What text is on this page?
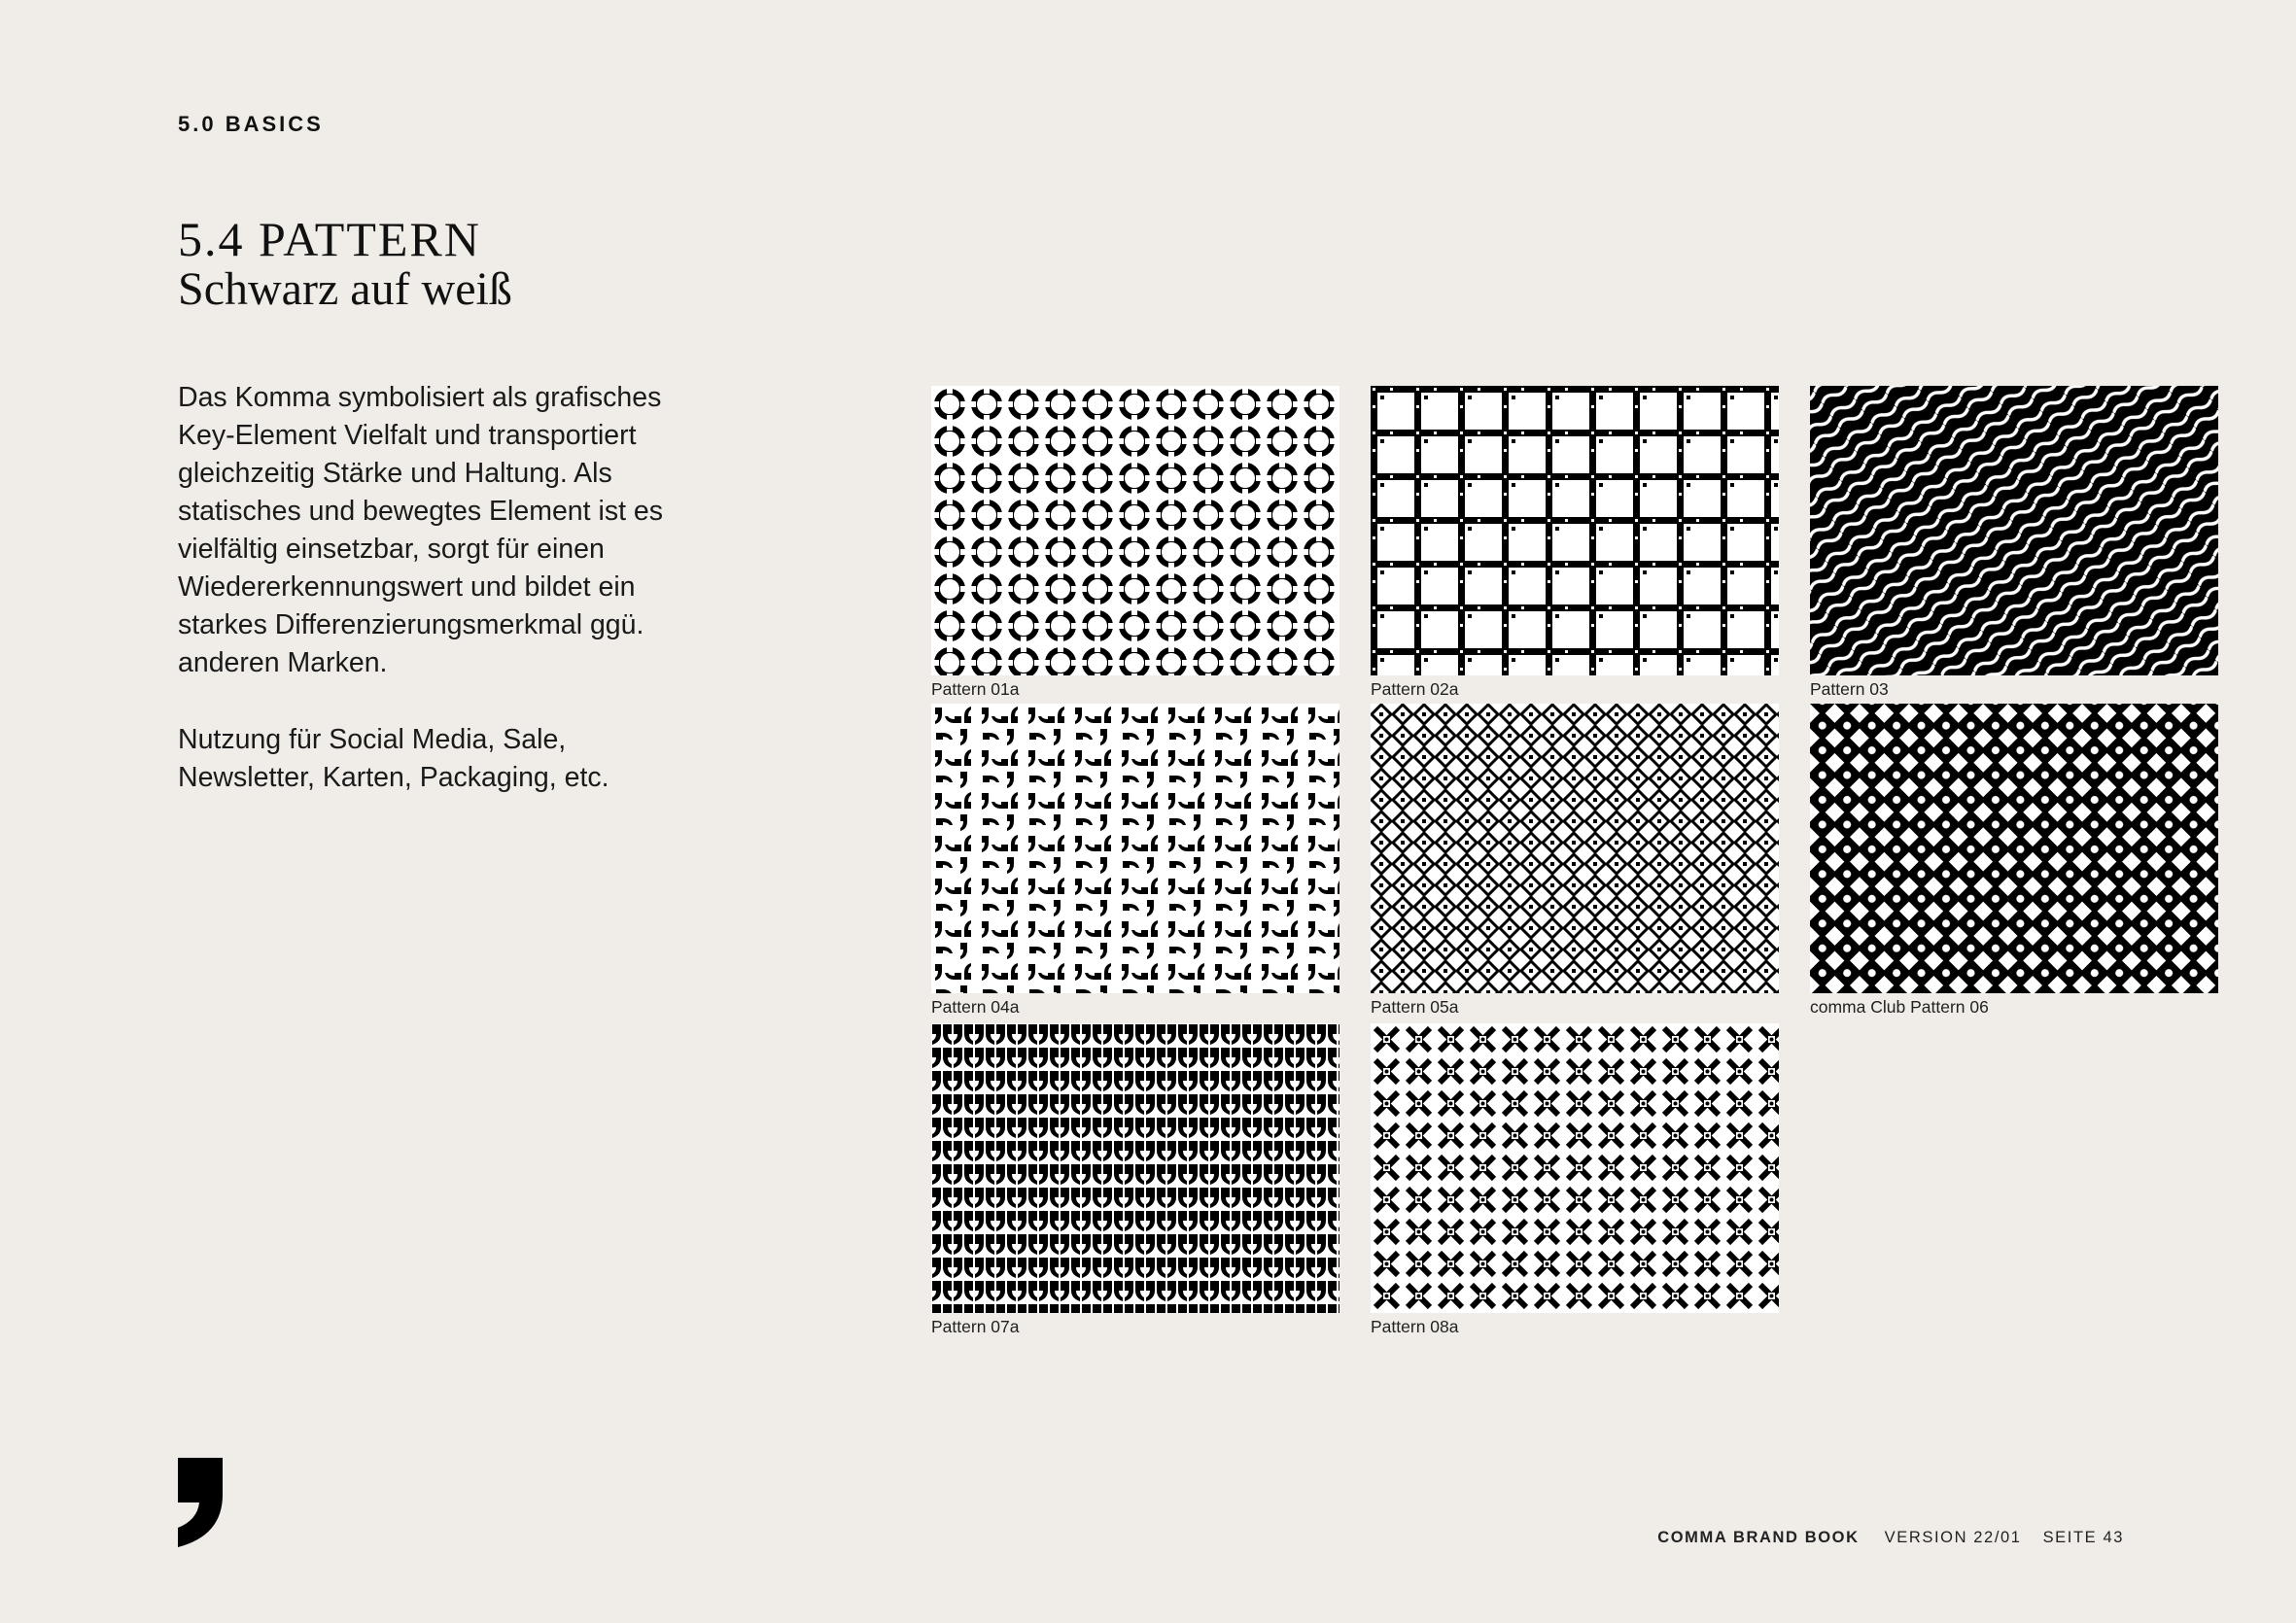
5.0 BASICS
5.4 PATTERN
Schwarz auf weiß

Das Komma symbolisiert als grafisches Key-Element Vielfalt und transportiert gleichzeitig Stärke und Haltung. Als statisches und bewegtes Element ist es vielfältig einsetzbar, sorgt für einen Wiedererkennungswert und bildet ein starkes Differenzierungsmerkmal ggü. anderen Marken.

Nutzung für Social Media, Sale, Newsletter, Karten, Packaging, etc.

Pattern 01a	Pattern 02a	Pattern 03
Pattern 04a	Pattern 05a	comma Club Pattern 06
Pattern 07a	Pattern 08a
COMMA BRAND BOOK VERSION 22/01 SEITE 43
